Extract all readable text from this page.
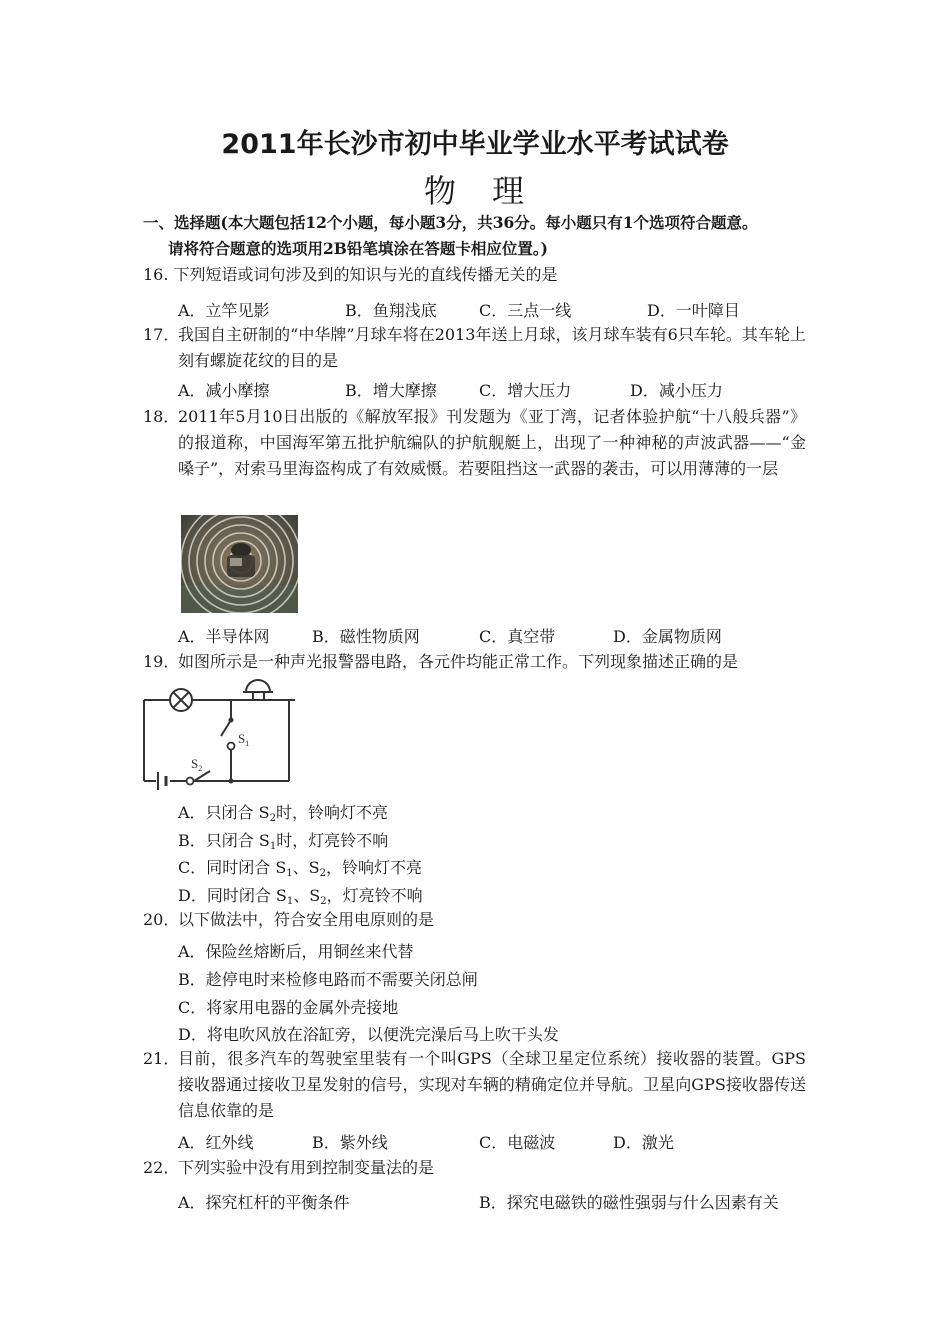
2011年长沙市初中毕业学业水平考试试卷
物　理
一、选择题(本大题包括12个小题，每小题3分，共36分。每小题只有1个选项符合题意。
请将符合题意的选项用2B铅笔填涂在答题卡相应位置。)
16. 下列短语或词句涉及到的知识与光的直线传播无关的是
A．立竿见影	B．鱼翔浅底	C．三点一线	D．一叶障目
17．
我国自主研制的“中华牌”月球车将在2013年送上月球，该月球车装有6只车轮。其车轮上刻有螺旋花纹的目的是
A．减小摩擦	B．增大摩擦	C．增大压力	D．减小压力
18．
2011年5月10日出版的《解放军报》刊发题为《亚丁湾，记者体验护航“十八般兵器”》的报道称，中国海军第五批护航编队的护航舰艇上，出现了一种神秘的声波武器——“金嗓子”，对索马里海盗构成了有效威慑。若要阻挡这一武器的袭击，可以用薄薄的一层
A．半导体网	B．磁性物质网	C．真空带	D．金属物质网
19．
如图所示是一种声光报警器电路，各元件均能正常工作。下列现象描述正确的是
$S_1$
$S_2$
A．只闭合 $S_2$时，铃响灯不亮
B．只闭合 $S_1$时，灯亮铃不响
C．同时闭合 $S_1$、$S_2$，铃响灯不亮
D．同时闭合 $S_1$、$S_2$，灯亮铃不响
20．
以下做法中，符合安全用电原则的是
A．保险丝熔断后，用铜丝来代替
B．趁停电时来检修电路而不需要关闭总闸
C．将家用电器的金属外壳接地
D．将电吹风放在浴缸旁，以便洗完澡后马上吹干头发
21．
目前，很多汽车的驾驶室里装有一个叫GPS（全球卫星定位系统）接收器的装置。GPS接收器通过接收卫星发射的信号，实现对车辆的精确定位并导航。卫星向GPS接收器传送信息依靠的是
A．红外线	B．紫外线	C．电磁波	D．激光
22．
下列实验中没有用到控制变量法的是
A．探究杠杆的平衡条件	B．探究电磁铁的磁性强弱与什么因素有关
